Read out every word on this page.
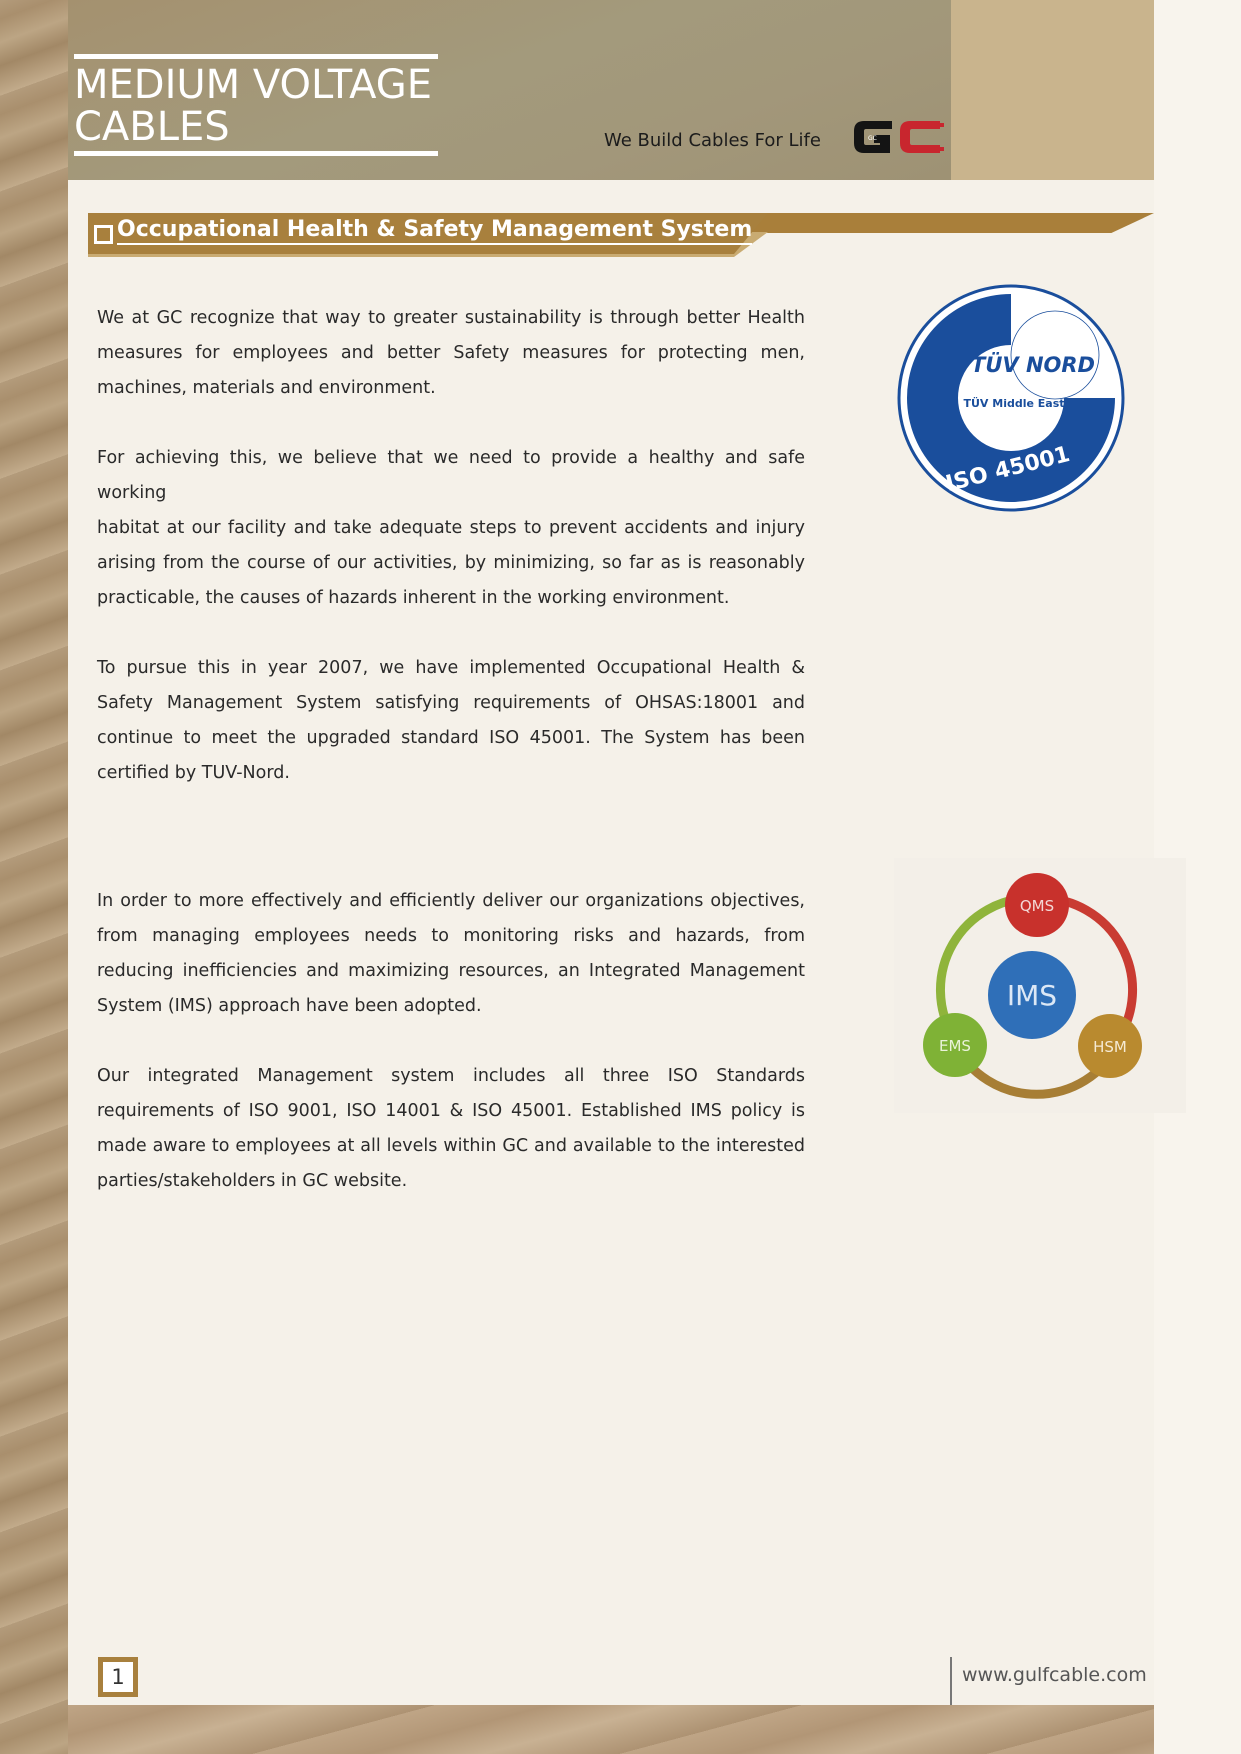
MEDIUM VOLTAGE
CABLES	We Build Cables For Life	GC
Occupational Health & Safety Management System

We at GC recognize that way to greater sustainability is through better Health measures for employees and better Safety measures for protecting men, machines, materials and environment.

For achieving this, we believe that we need to provide a healthy and safe working

habitat at our facility and take adequate steps to prevent accidents and injury arising from the course of our activities, by minimizing, so far as is reasonably practicable, the causes of hazards inherent in the working environment.

To pursue this in year 2007, we have implemented Occupational Health & Safety Management System satisfying requirements of OHSAS:18001 and continue to meet the upgraded standard ISO 45001. The System has been certified by TUV-Nord.

In order to more effectively and efficiently deliver our organizations objectives, from managing employees needs to monitoring risks and hazards, from reducing inefficiencies and maximizing resources, an Integrated Management System (IMS) approach have been adopted.

Our integrated Management system includes all three ISO Standards requirements of ISO 9001, ISO 14001 & ISO 45001. Established IMS policy is made aware to employees at all levels within GC and available to the interested parties/stakeholders in GC website.

TÜV NORD
TÜV Middle East
ISO 45001
IMS
QMS
EMS	HSM
1	www.gulfcable.com
